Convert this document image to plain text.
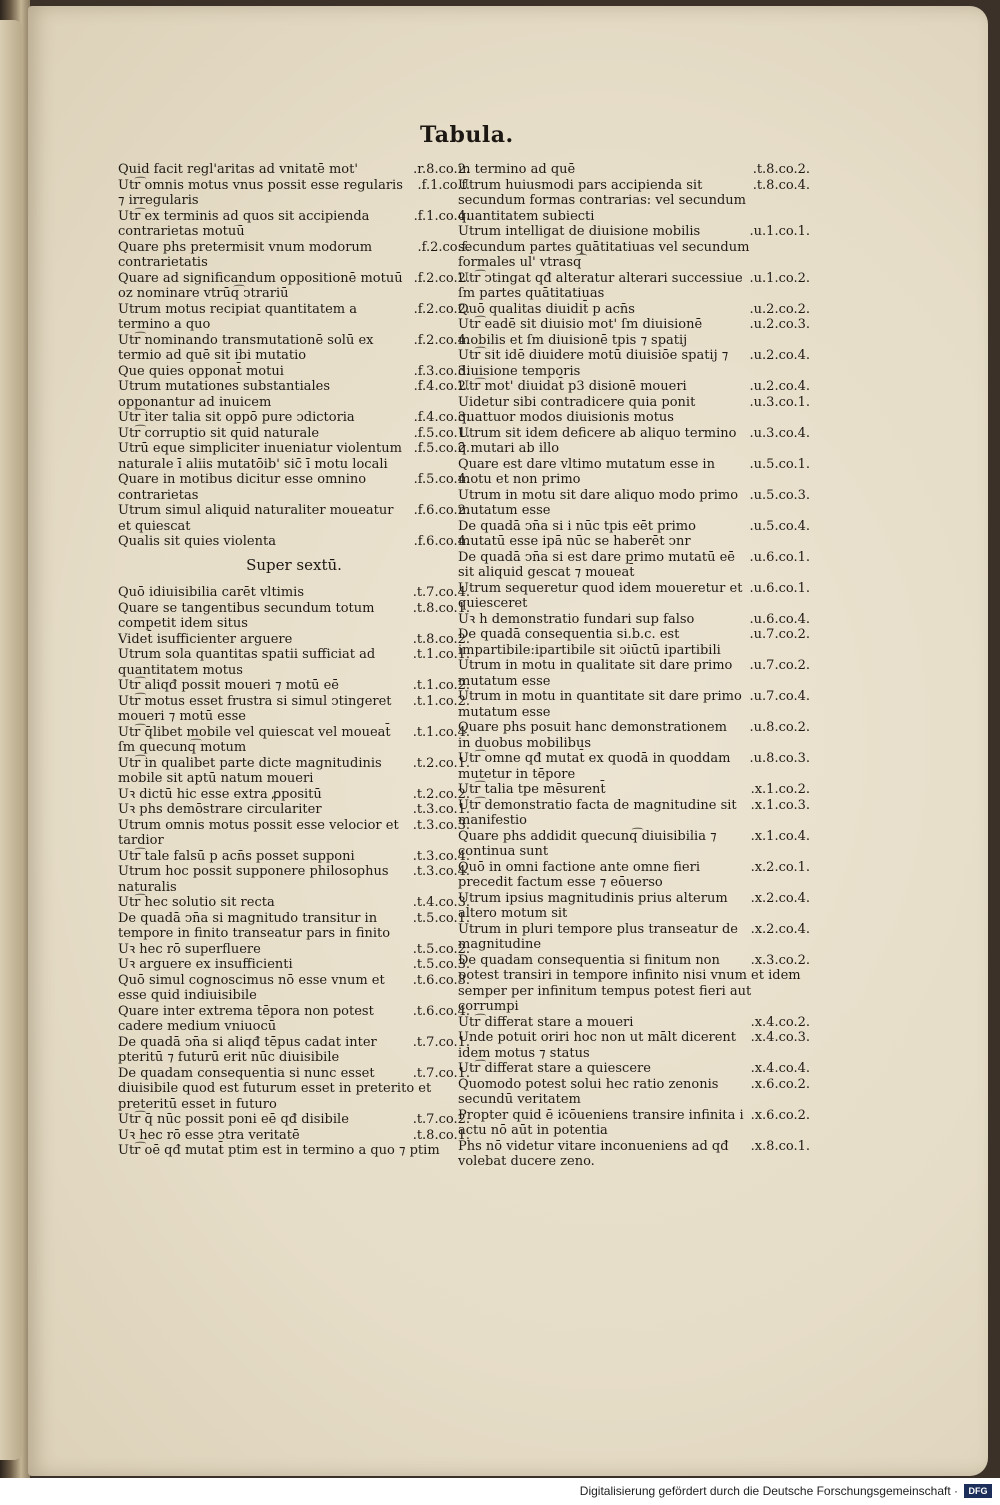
Tabula.
.r.8.co.2.
Quid facit regl'aritas ad vnitatē mot'
.f.1.co.f.
Utr͡ omnis motus vnus possit esse regularis ⁊ irregularis
.f.1.co.4.
Utr͡ ex terminis ad quos sit accipienda contrarietas motuū
.f.2.co.f.
Quare phs pretermisit vnum modorum contrarietatis
.f.2.co.2.
Quare ad significandum oppositionē motuū oz nominare vtrūq͡ ↄtrariū
.f.2.co.2.
Utrum motus recipiat quantitatem a termino a quo
.f.2.co.4.
Utr͡ nominando transmutationē solū ex termio ad quē sit ibi mutatio
.f.3.co.3.
Que quies opponat̄ motui
.f.4.co.2.
Utrum mutationes substantiales opponantur ad inuicem
.f.4.co.3.
Utr͡ iter talia sit oppō pure ↄdictoria
.f.5.co.1.
Utr͡ corruptio sit quid naturale
.f.5.co.2.
Utrū eque simpliciter inueniatur violentum naturale ī aliis mutatōib' sic̄ ī motu locali
.f.5.co.4.
Quare in motibus dicitur esse omnino contrarietas
.f.6.co.2.
Utrum simul aliquid naturaliter moueatur et quiescat
.f.6.co.4.
Qualis sit quies violenta
Super sextū.
.t.7.co.4.
Quō idiuisibilia carēt vltimis
.t.8.co.1.
Quare se tangentibus secundum totum competit idem situs
.t.8.co.2.
Videt̄ isufficienter arguere
.t.1.co.1.
Utrum sola quantitas spatii sufficiat ad quantitatem motus
.t.1.co.2.
Utr͡ aliqđ possit moueri ⁊ motū eē
.t.1.co.2.
Utr͡ motus esset frustra si simul ↄtingeret moueri ⁊ motū esse
.t.1.co.4.
Utr͡ q̄libet mobile vel quiescat vel moueat̄ ſm quecunq͡ motum
.t.2.co.1.
Utr͡ in qualibet parte dicte magnitudinis mobile sit aptū natum moueri
.t.2.co.2.
Uꝛ dictū hic esse extra ꝓpositū
.t.3.co.1.
Uꝛ phs demōstrare circulariter
.t.3.co.3.
Utrum omnis motus possit esse velocior et tardior
.t.3.co.4.
Utr͡ tale falsū p acn̄s posset supponi
.t.3.co.4.
Utrum hoc possit supponere philosophus naturalis
.t.4.co.3.
Utr͡ hec solutio sit recta
.t.5.co.1.
De quadā ↄn̄a si magnitudo transitur in tempore in finito transeatur pars in finito
.t.5.co.2.
Uꝛ hec rō superfluere
.t.5.co.3.
Uꝛ arguere ex insufficienti
.t.6.co.3.
Quō simul cognoscimus nō esse vnum et esse quid indiuisibile
.t.6.co.4.
Quare inter extrema tēpora non potest cadere medium vniuocū
.t.7.co.1.
De quadā ↄn̄a si aliqđ tēpus cadat inter pteritū ⁊ futurū erit nūc diuisibile
.t.7.co.1.
De quadam consequentia si nunc esset diuisibile quod est futurum esset in preterito et preteritū esset in futuro
.t.7.co.2.
Utr͡ q̄ nūc possit poni eē qđ disibile
.t.8.co.1.
Uꝛ hec rō esse ↄtra veritatē
Utr͡ oē qđ mutat̄ ptim est in termino a quo ⁊ ptim
.t.8.co.2.
in termino ad quē
.t.8.co.4.
Utrum huiusmodi pars accipienda sit secundum formas contrarias: vel secundum quantitatem subiecti
.u.1.co.1.
Utrum intelligat de diuisione mobilis secundum partes quātitatiuas vel secundum formales ul' vtrasq͡
.u.1.co.2.
Utr͡ ↄtingat qđ alteratur alterari successiue ſm partes quātitatiuas
.u.2.co.2.
Quō qualitas diuidit̄ p acn̄s
.u.2.co.3.
Utr͡ eadē sit diuisio mot' ſm diuisionē mobilis et ſm diuisionē tpis ⁊ spatij
.u.2.co.4.
Utr͡ sit idē diuidere motū diuisiōe spatij ⁊ diuisione temporis
.u.2.co.4.
Utr͡ mot' diuidat̄ p3 disionē moueri
.u.3.co.1.
Uidetur sibi contradicere quia ponit quattuor modos diuisionis motus
.u.3.co.4.
Utrum sit idem deficere ab aliquo termino q̄ mutari ab illo
.u.5.co.1.
Quare est dare vltimo mutatum esse in motu et non primo
.u.5.co.3.
Utrum in motu sit dare aliquo modo primo mutatum esse
.u.5.co.4.
De quadā ↄn̄a si i nūc tpis eēt primo mutatū esse ipā nūc se haberēt ↄnr
.u.6.co.1.
De quadā ↄn̄a si est dare primo mutatū eē sit aliquid gescat ⁊ moueat̄
.u.6.co.1.
Utrum sequeretur quod idem moueretur et quiesceret
.u.6.co.4.
Uꝛ h demonstratio fundari sup falso
.u.7.co.2.
De quadā consequentia si.b.c. est impartibile:ipartibile sit ↄiūctū ipartibili
.u.7.co.2.
Utrum in motu in qualitate sit dare primo mutatum esse
.u.7.co.4.
Utrum in motu in quantitate sit dare primo mutatum esse
.u.8.co.2.
Quare phs posuit hanc demonstrationem in duobus mobilibus
.u.8.co.3.
Utr͡ omne qđ mutat̄ ex quodā in quoddam mutetur in tēpore
.x.1.co.2.
Utr͡ talia tpe mēsurent̄
.x.1.co.3.
Utr͡ demonstratio facta de magnitudine sit manifestio
.x.1.co.4.
Quare phs addidit quecunq͡ diuisibilia ⁊ continua sunt
.x.2.co.1.
Quō in omni factione ante omne fieri precedit factum esse ⁊ eōuerso
.x.2.co.4.
Utrum ipsius magnitudinis prius alterum altero motum sit
.x.2.co.4.
Utrum in pluri tempore plus transeatur de magnitudine
.x.3.co.2.
De quadam consequentia si finitum non potest transiri in tempore infinito nisi vnum et idem semper per infinitum tempus potest fieri aut corrumpi
.x.4.co.2.
Utr͡ differat stare a moueri
.x.4.co.3.
Unde potuit oriri hoc non ut mālt dicerent idem motus ⁊ status
.x.4.co.4.
Utr͡ differat stare a quiescere
.x.6.co.2.
Quomodo potest solui hec ratio zenonis secundū veritatem
.x.6.co.2.
Propter quid ē icōueniens transire infinita i actu nō aūt in potentia
.x.8.co.1.
Phs nō videtur vitare inconueniens ad qđ volebat ducere zeno.
Digitalisierung gefördert durch die Deutsche Forschungsgemeinschaft ·	DFG
